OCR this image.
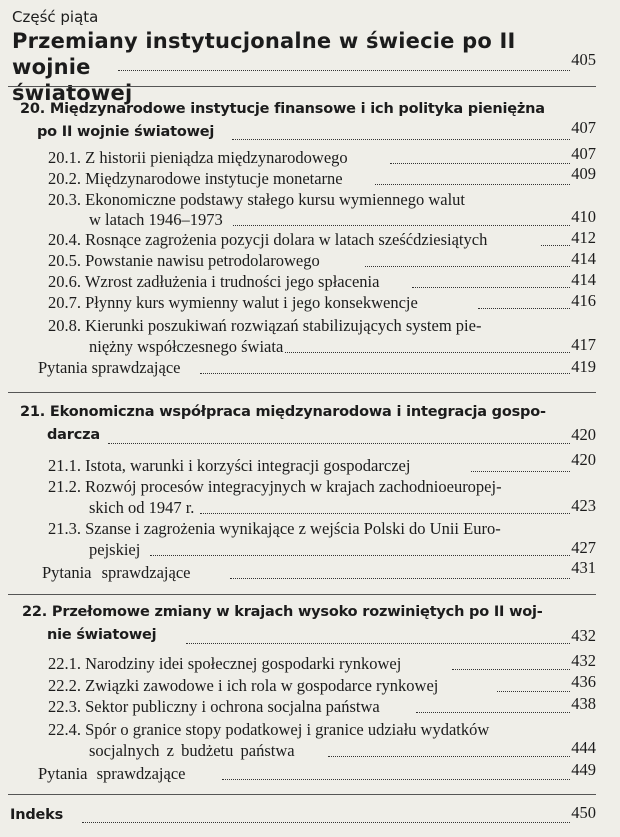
Część piąta
Przemiany instytucjonalne w świecie po II wojnie
światowej
405
20. Międzynarodowe instytucje finansowe i ich polityka pieniężna
po II wojnie światowej	407
20.1. Z historii pieniądza międzynarodowego	407
20.2. Międzynarodowe instytucje monetarne	409
20.3. Ekonomiczne podstawy stałego kursu wymiennego walut
w latach 1946–1973	410
20.4. Rosnące zagrożenia pozycji dolara w latach sześćdziesiątych	412
20.5. Powstanie nawisu petrodolarowego	414
20.6. Wzrost zadłużenia i trudności jego spłacenia	414
20.7. Płynny kurs wymienny walut i jego konsekwencje	416
20.8. Kierunki poszukiwań rozwiązań stabilizujących system pie-
niężny współczesnego świata	417
Pytania sprawdzające	419
21. Ekonomiczna współpraca międzynarodowa i integracja gospo-
darcza	420
21.1. Istota, warunki i korzyści integracji gospodarczej	420
21.2. Rozwój procesów integracyjnych w krajach zachodnioeuropej-
skich od 1947 r.	423
21.3. Szanse i zagrożenia wynikające z wejścia Polski do Unii Euro-
pejskiej	427
Pytania sprawdzające	431
22. Przełomowe zmiany w krajach wysoko rozwiniętych po II woj-
nie światowej	432
22.1. Narodziny idei społecznej gospodarki rynkowej	432
22.2. Związki zawodowe i ich rola w gospodarce rynkowej	436
22.3. Sektor publiczny i ochrona socjalna państwa	438
22.4. Spór o granice stopy podatkowej i granice udziału wydatków
socjalnych z budżetu państwa	444
Pytania sprawdzające	449
Indeks	450
